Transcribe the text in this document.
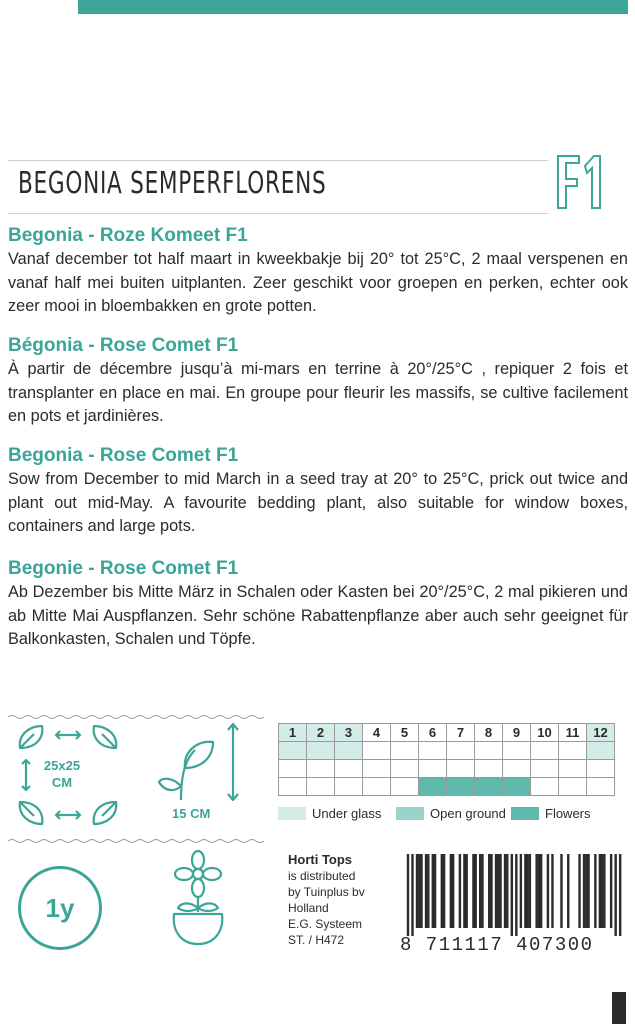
BEGONIA SEMPERFLORENS
F1
Begonia - Roze Komeet F1

Vanaf december tot half maart in kweekbakje bij 20° tot 25°C, 2 maal verspenen en vanaf half mei buiten uitplanten. Zeer geschikt voor groepen en perken, echter ook zeer mooi in bloembakken en grote potten.

Bégonia - Rose Comet F1

À partir de décembre jusqu’à mi-mars en terrine à 20°/25°C , repiquer 2 fois et transplanter en place en mai. En groupe pour fleurir les massifs, se cultive facilement en pots et jardinières.

Begonia - Rose Comet F1

Sow from December to mid March in a seed tray at 20° to 25°C, prick out twice and plant out mid-May. A favourite bedding plant, also suitable for window boxes, containers and large pots.

Begonie - Rose Comet F1

Ab Dezember bis Mitte März in Schalen oder Kasten bei 20°/25°C, 2 mal pikieren und ab Mitte Mai Auspflanzen. Sehr schöne Rabattenpflanze aber auch sehr geeignet für Balkonkasten, Schalen und Töpfe.

25x25
CM
15 CM
1	2	3	4	5	6	7	8	9	10	11	12

Under glass	Open ground	Flowers
1y
Horti Tops
is distributed
by Tuinplus bv
Holland
E.G. Systeem
ST. / H472	8 711117 407300
